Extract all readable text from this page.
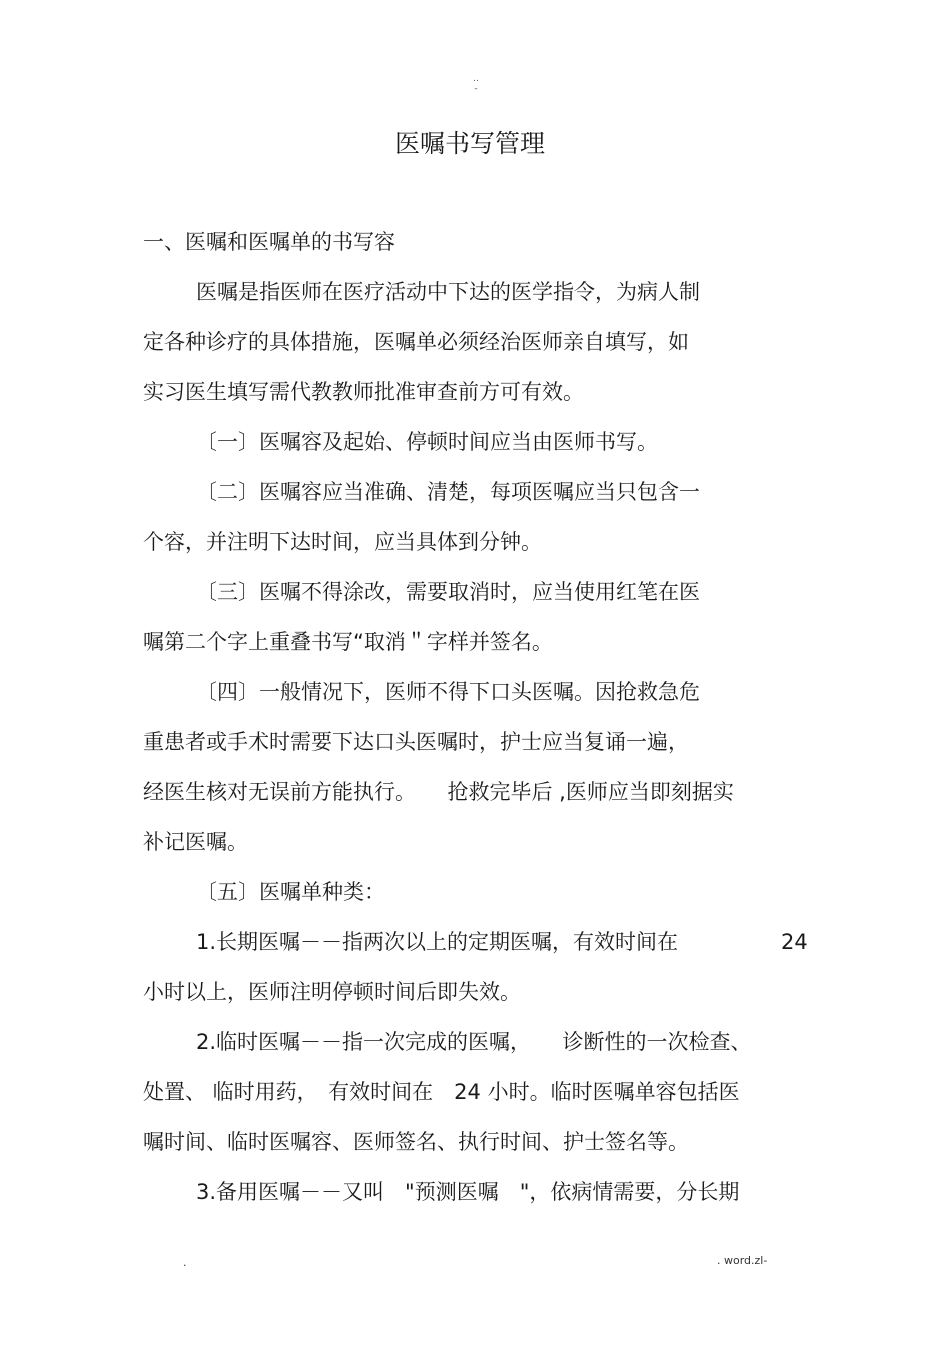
..
-
医嘱书写管理
一、医嘱和医嘱单的书写容
医嘱是指医师在医疗活动中下达的医学指令，为病人制
定各种诊疗的具体措施，医嘱单必须经治医师亲自填写，如
实习医生填写需代教教师批准审查前方可有效。
〔一〕医嘱容及起始、停顿时间应当由医师书写。
〔二〕医嘱容应当准确、清楚，每项医嘱应当只包含一
个容，并注明下达时间，应当具体到分钟。
〔三〕医嘱不得涂改，需要取消时，应当使用红笔在医
嘱第二个字上重叠书写“取消＂字样并签名。
〔四〕一般情况下，医师不得下口头医嘱。因抢救急危
重患者或手术时需要下达口头医嘱时，护士应当复诵一遍，
经医生核对无误前方能执行。　　抢救完毕后 ,医师应当即刻据实
补记医嘱。
〔五〕医嘱单种类：
1.长期医嘱－－指两次以上的定期医嘱，有效时间在	24
小时以上，医师注明停顿时间后即失效。
2.临时医嘱－－指一次完成的医嘱，　　诊断性的一次检查、
处置、 临时用药，　有效时间在　24 小时。临时医嘱单容包括医
嘱时间、临时医嘱容、医师签名、执行时间、护士签名等。
3.备用医嘱－－又叫　"预测医嘱　"，依病情需要，分长期
.	. word.zl-
